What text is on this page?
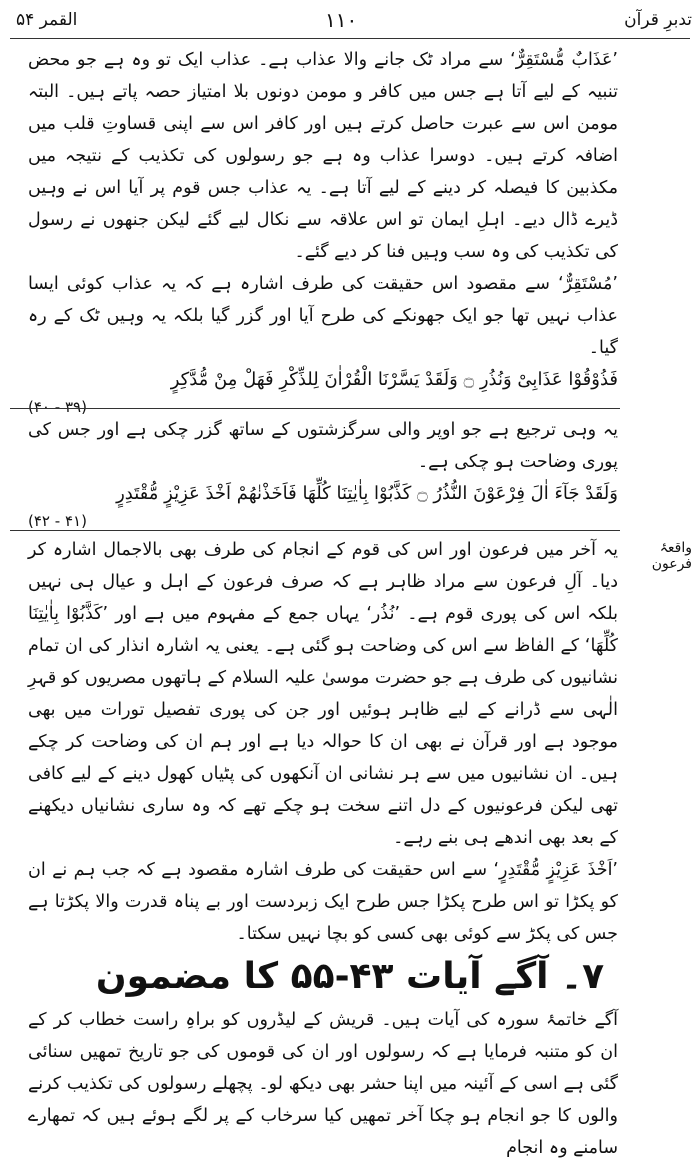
تدبرِ قرآن
۱۱۰
القمر ۵۴

’عَذَابٌ مُّسْتَقِرٌّ‘ سے مراد ٹک جانے والا عذاب ہے۔ عذاب ایک تو وہ ہے جو محض تنبیہ کے لیے آتا ہے جس میں کافر و مومن دونوں بلا امتیاز حصہ پاتے ہیں۔ البتہ مومن اس سے عبرت حاصل کرتے ہیں اور کافر اس سے اپنی قساوتِ قلب میں اضافہ کرتے ہیں۔ دوسرا عذاب وہ ہے جو رسولوں کی تکذیب کے نتیجہ میں مکذبین کا فیصلہ کر دینے کے لیے آتا ہے۔ یہ عذاب جس قوم پر آیا اس نے وہیں ڈیرے ڈال دیے۔ اہلِ ایمان تو اس علاقہ سے نکال لیے گئے لیکن جنھوں نے رسول کی تکذیب کی وہ سب وہیں فنا کر دیے گئے۔

’مُسْتَقِرٌّ‘ سے مقصود اس حقیقت کی طرف اشارہ ہے کہ یہ عذاب کوئی ایسا عذاب نہیں تھا جو ایک جھونکے کی طرح آیا اور گزر گیا بلکہ یہ وہیں ٹک کے رہ گیا۔

فَذُوْقُوْا عَذَابِیْ وَنُذُرِ ۝ وَلَقَدْ یَسَّرْنَا الْقُرْاٰنَ لِلذِّکْرِ فَهَلْ مِنْ مُّدَّکِرٍ

(۳۹ - ۴۰)

یہ وہی ترجیع ہے جو اوپر والی سرگزشتوں کے ساتھ گزر چکی ہے اور جس کی پوری وضاحت ہو چکی ہے۔

وَلَقَدْ جَآءَ اٰلَ فِرْعَوْنَ النُّذُرُ ۝ كَذَّبُوْا بِاٰیٰتِنَا كُلِّهَا فَاَخَذْنٰهُمْ اَخْذَ عَزِیْزٍ مُّقْتَدِرٍ

(۴۱ - ۴۲)
واقعۂ فرعون

یہ آخر میں فرعون اور اس کی قوم کے انجام کی طرف بھی بالاجمال اشارہ کر دیا۔ آلِ فرعون سے مراد ظاہر ہے کہ صرف فرعون کے اہل و عیال ہی نہیں بلکہ اس کی پوری قوم ہے۔ ’نُذُر‘ یہاں جمع کے مفہوم میں ہے اور ’كَذَّبُوْا بِاٰیٰتِنَا كُلِّهَا‘ کے الفاظ سے اس کی وضاحت ہو گئی ہے۔ یعنی یہ اشارہ انذار کی ان تمام نشانیوں کی طرف ہے جو حضرت موسیٰ علیہ السلام کے ہاتھوں مصریوں کو قہرِ الٰہی سے ڈرانے کے لیے ظاہر ہوئیں اور جن کی پوری تفصیل تورات میں بھی موجود ہے اور قرآن نے بھی ان کا حوالہ دیا ہے اور ہم ان کی وضاحت کر چکے ہیں۔ ان نشانیوں میں سے ہر نشانی ان آنکھوں کی پٹیاں کھول دینے کے لیے کافی تھی لیکن فرعونیوں کے دل اتنے سخت ہو چکے تھے کہ وہ ساری نشانیاں دیکھنے کے بعد بھی اندھے ہی بنے رہے۔

’اَخْذَ عَزِیْزٍ مُّقْتَدِرٍ‘ سے اس حقیقت کی طرف اشارہ مقصود ہے کہ جب ہم نے ان کو پکڑا تو اس طرح پکڑا جس طرح ایک زبردست اور بے پناہ قدرت والا پکڑتا ہے جس کی پکڑ سے کوئی بھی کسی کو بچا نہیں سکتا۔

۷۔ آگے آیات ۴۳-۵۵ کا مضمون

آگے خاتمۂ سورہ کی آیات ہیں۔ قریش کے لیڈروں کو براہِ راست خطاب کر کے ان کو متنبہ فرمایا ہے کہ رسولوں اور ان کی قوموں کی جو تاریخ تمھیں سنائی گئی ہے اسی کے آئینہ میں اپنا حشر بھی دیکھ لو۔ پچھلے رسولوں کی تکذیب کرنے والوں کا جو انجام ہو چکا آخر تمھیں کیا سرخاب کے پر لگے ہوئے ہیں کہ تمھارے سامنے وہ انجام
